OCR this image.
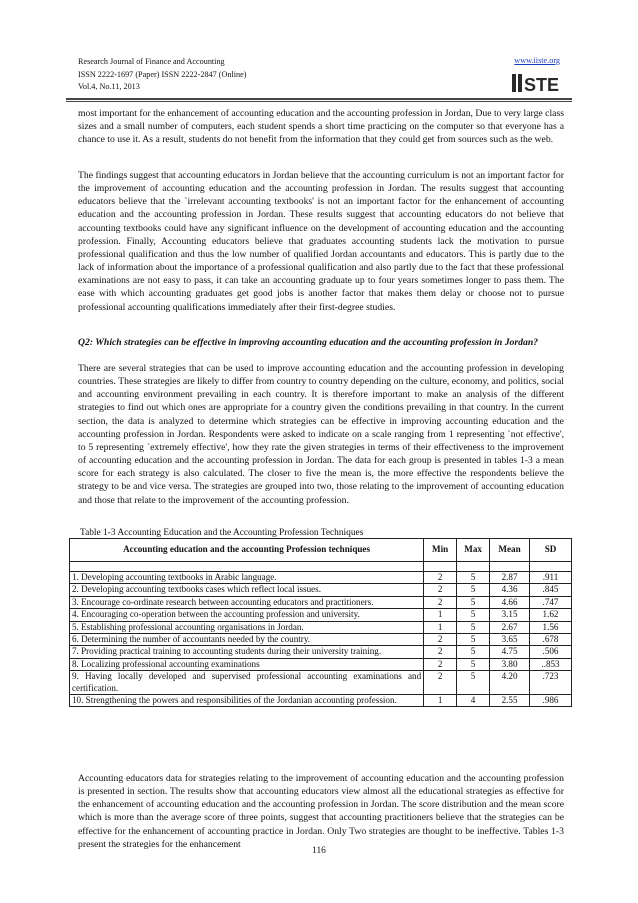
Research Journal of Finance and Accounting
ISSN 2222-1697 (Paper) ISSN 2222-2847 (Online)
Vol.4, No.11, 2013
www.iiste.org
STE

most important for the enhancement of accounting education and the accounting profession in Jordan, Due to very large class sizes and a small number of computers, each student spends a short time practicing on the computer so that everyone has a chance to use it. As a result, students do not benefit from the information that they could get from sources such as the web.

The findings suggest that accounting educators in Jordan believe that the accounting curriculum is not an important factor for the improvement of accounting education and the accounting profession in Jordan. The results suggest that accounting educators believe that the `irrelevant accounting textbooks' is not an important factor for the enhancement of accounting education and the accounting profession in Jordan. These results suggest that accounting educators do not believe that accounting textbooks could have any significant influence on the development of accounting education and the accounting profession. Finally, Accounting educators believe that graduates accounting students lack the motivation to pursue professional qualification and thus the low number of qualified Jordan accountants and educators. This is partly due to the lack of information about the importance of a professional qualification and also partly due to the fact that these professional examinations are not easy to pass, it can take an accounting graduate up to four years sometimes longer to pass them. The ease with which accounting graduates get good jobs is another factor that makes them delay or choose not to pursue professional accounting qualifications immediately after their first-degree studies.

Q2: Which strategies can be effective in improving accounting education and the accounting profession in Jordan?

There are several strategies that can be used to improve accounting education and the accounting profession in developing countries. These strategies are likely to differ from country to country depending on the culture, economy, and politics, social and accounting environment prevailing in each country. It is therefore important to make an analysis of the different strategies to find out which ones are appropriate for a country given the conditions prevailing in that country. In the current section, the data is analyzed to determine which strategies can be effective in improving accounting education and the accounting profession in Jordan. Respondents were asked to indicate on a scale ranging from 1 representing `not effective', to 5 representing `extremely effective', how they rate the given strategies in terms of their effectiveness to the improvement of accounting education and the accounting profession in Jordan. The data for each group is presented in tables 1-3 a mean score for each strategy is also calculated. The closer to five the mean is, the more effective the respondents believe the strategy to be and vice versa. The strategies are grouped into two, those relating to the improvement of accounting education and those that relate to the improvement of the accounting profession.

Table 1-3 Accounting Education and the Accounting Profession Techniques
Accounting education and the accounting Profession techniques	Min	Max	Mean	SD

1. Developing accounting textbooks in Arabic language.	2	5	2.87	.911
2. Developing accounting textbooks cases which reflect local issues.	2	5	4.36	.845
3. Encourage co-ordinate research between accounting educators and practitioners.	2	5	4.66	.747
4. Encouraging co-operation between the accounting profession and university.	1	5	3.15	1.62
5. Establishing professional accounting organisations in Jordan.	1	5	2.67	1.56
6. Determining the number of accountants needed by the country.	2	5	3.65	.678
7. Providing practical training to accounting students during their university training.	2	5	4.75	.506
8. Localizing professional accounting examinations	2	5	3.80	..853
9. Having locally developed and supervised professional accounting examinations and certification.	2	5	4.20	.723
10. Strengthening the powers and responsibilities of the Jordanian accounting profession.	1	4	2.55	.986

Accounting educators data for strategies relating to the improvement of accounting education and the accounting profession is presented in section. The results show that accounting educators view almost all the educational strategies as effective for the enhancement of accounting education and the accounting profession in Jordan. The score distribution and the mean score which is more than the average score of three points, suggest that accounting practitioners believe that the strategies can be effective for the enhancement of accounting practice in Jordan. Only Two strategies are thought to be ineffective. Tables 1-3 present the strategies for the enhancement

116
